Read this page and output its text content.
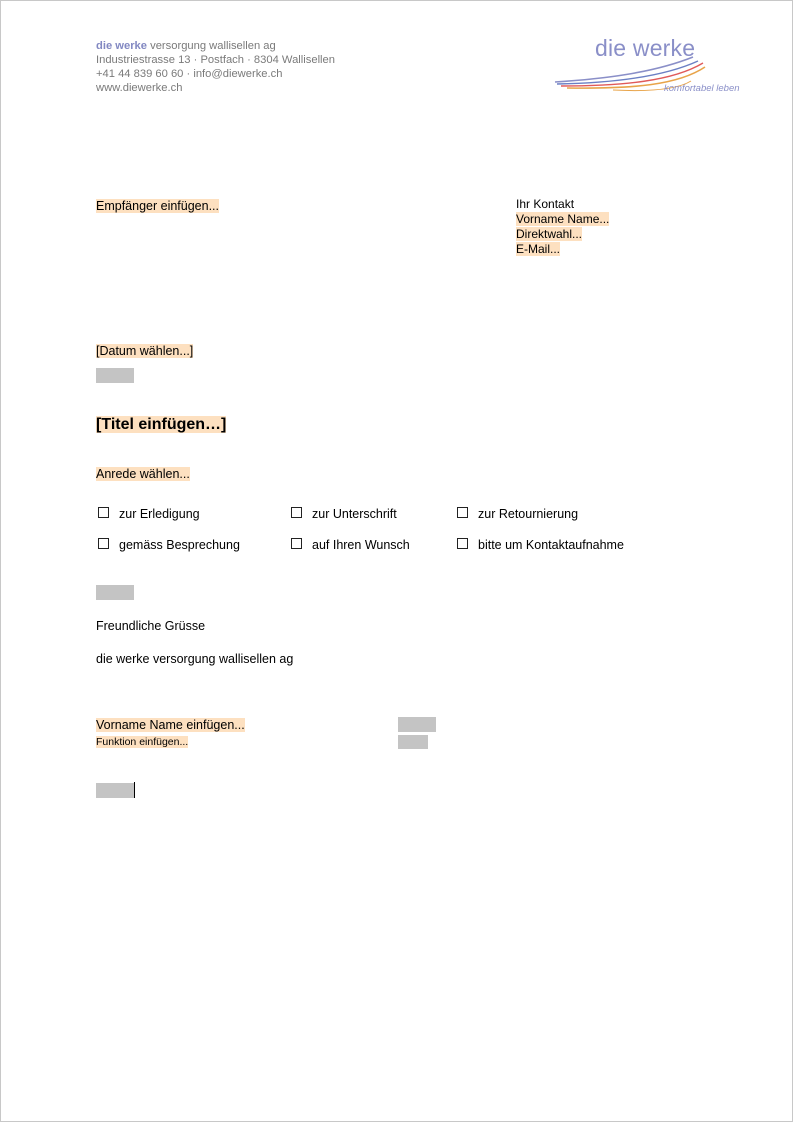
die werke versorgung wallisellen ag
Industriestrasse 13 · Postfach · 8304 Wallisellen
+41 44 839 60 60 · info@diewerke.ch
www.diewerke.ch
die werke
komfortabel leben
Empfänger einfügen...	Ihr Kontakt
Vorname Name...
Direktwahl...
E-Mail...
[Datum wählen...]
[Titel einfügen…]
Anrede wählen...
zur Erledigung	zur Unterschrift	zur Retournierung
gemäss Besprechung	auf Ihren Wunsch	bitte um Kontaktaufnahme
Freundliche Grüsse
die werke versorgung wallisellen ag
Vorname Name einfügen...
Funktion einfügen...
